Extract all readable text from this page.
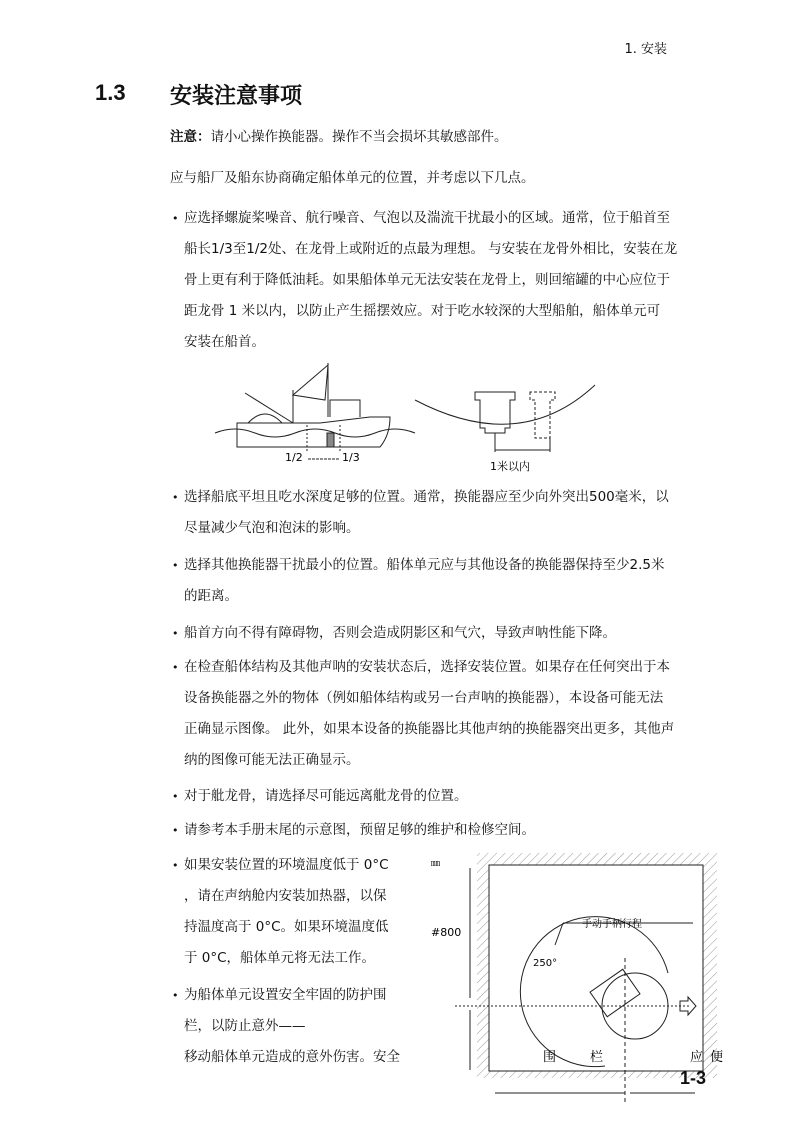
1. 安装
1.3 安装注意事项
注意：请小心操作换能器。操作不当会损坏其敏感部件。
应与船厂及船东协商确定船体单元的位置，并考虑以下几点。
• 应选择螺旋桨噪音、航行噪音、气泡以及湍流干扰最小的区域。通常，位于船首至
船长1/3至1/2处、在龙骨上或附近的点最为理想。 与安装在龙骨外相比，安装在龙
骨上更有利于降低油耗。如果船体单元无法安装在龙骨上，则回缩罐的中心应位于
距龙骨 1 米以内，以防止产生摇摆效应。对于吃水较深的大型船舶，船体单元可
安装在船首。
• 选择船底平坦且吃水深度足够的位置。通常，换能器应至少向外突出500毫米，以
尽量减少气泡和泡沫的影响。
• 选择其他换能器干扰最小的位置。船体单元应与其他设备的换能器保持至少2.5米
的距离。
• 船首方向不得有障碍物，否则会造成阴影区和气穴，导致声呐性能下降。
• 在检查船体结构及其他声呐的安装状态后，选择安装位置。如果存在任何突出于本
设备换能器之外的物体（例如船体结构或另一台声呐的换能器），本设备可能无法
正确显示图像。 此外，如果本设备的换能器比其他声纳的换能器突出更多，其他声
纳的图像可能无法正确显示。
• 对于舭龙骨，请选择尽可能远离舭龙骨的位置。
• 请参考本手册末尾的示意图，预留足够的维护和检修空间。
• 如果安装位置的环境温度低于 0°C
，请在声纳舱内安装加热器，以保
持温度高于 0°C。如果环境温度低
于 0°C，船体单元将无法工作。
• 为船体单元设置安全牢固的防护围
栏，以防止意外——
移动船体单元造成的意外伤害。安全
1/2	1/3
1米以内
㎜
#800
手动手柄行程
250°
围	栏	应 便
1-3
